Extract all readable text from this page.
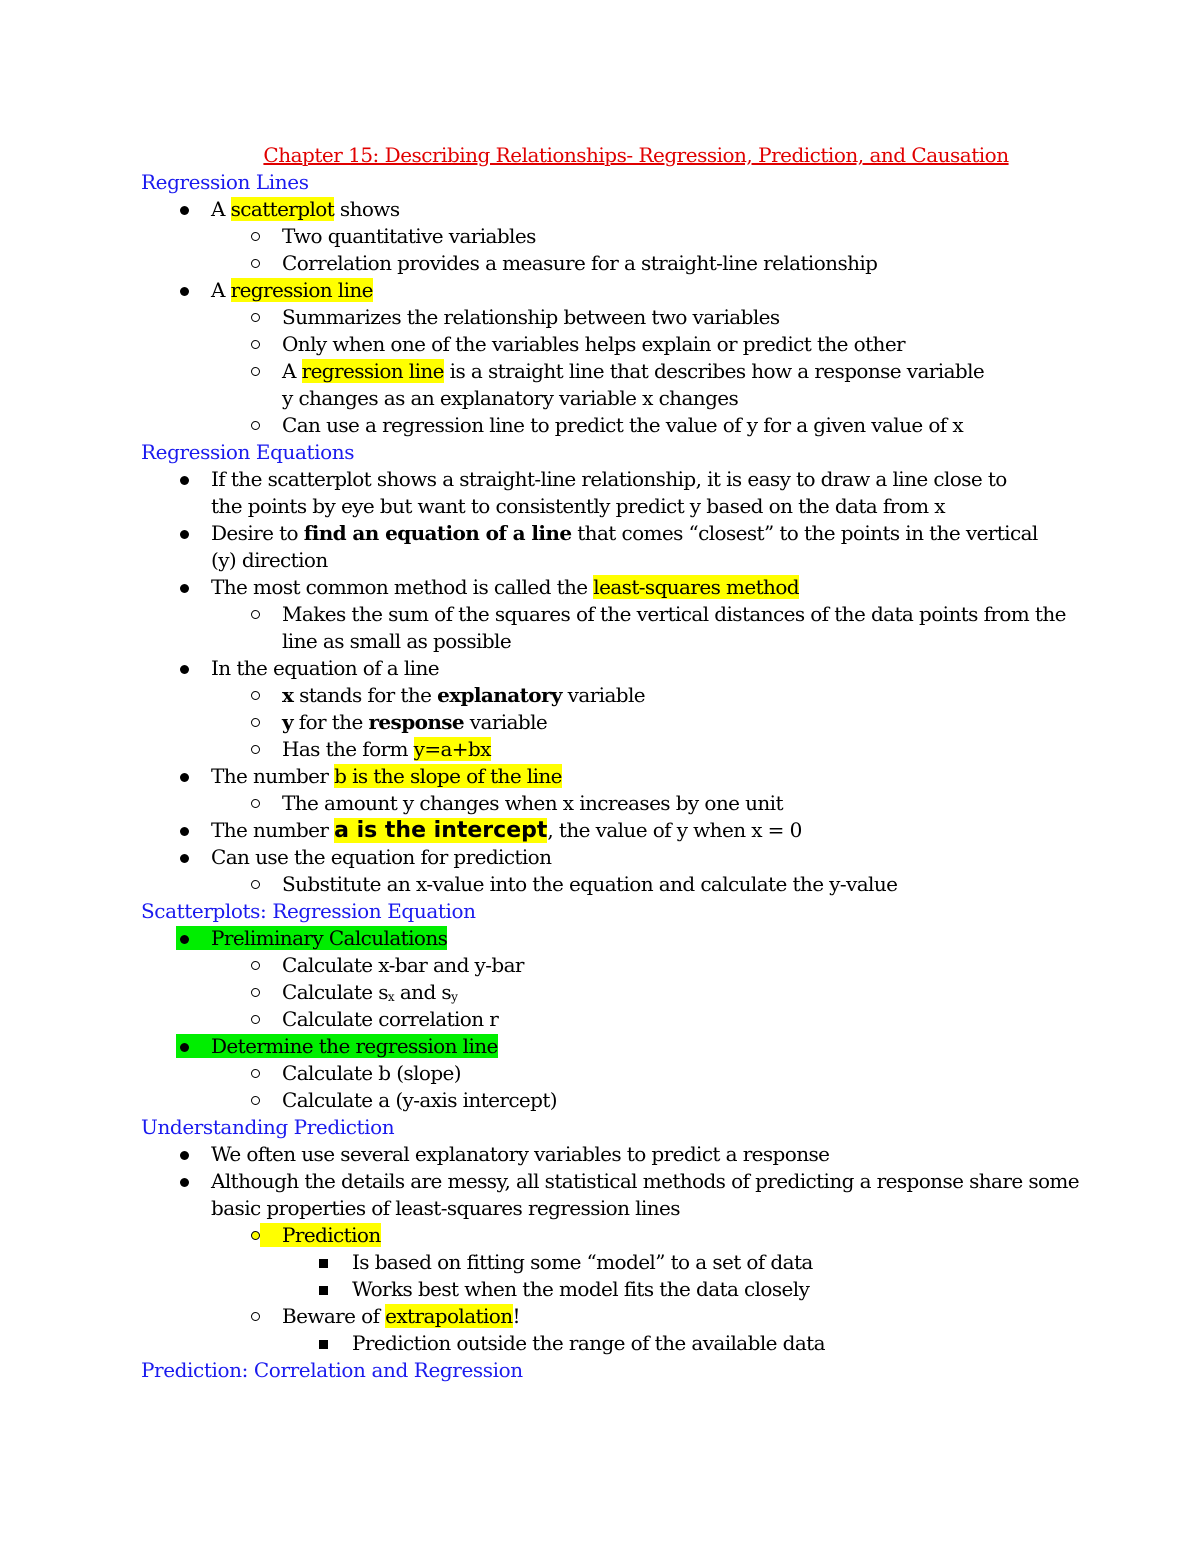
Chapter 15: Describing Relationships- Regression, Prediction, and Causation
Regression Lines
A scatterplot shows
Two quantitative variables
Correlation provides a measure for a straight-line relationship
A regression line
Summarizes the relationship between two variables
Only when one of the variables helps explain or predict the other
A regression line is a straight line that describes how a response variable y changes as an explanatory variable x changes
Can use a regression line to predict the value of y for a given value of x
Regression Equations
If the scatterplot shows a straight-line relationship, it is easy to draw a line close to the points by eye but want to consistently predict y based on the data from x
Desire to find an equation of a line that comes “closest” to the points in the vertical (y) direction
The most common method is called the least-squares method
Makes the sum of the squares of the vertical distances of the data points from the line as small as possible
In the equation of a line
x stands for the explanatory variable
y for the response variable
Has the form y=a+bx
The number b is the slope of the line
The amount y changes when x increases by one unit
The number a is the intercept, the value of y when x = 0
Can use the equation for prediction
Substitute an x-value into the equation and calculate the y-value
Scatterplots: Regression Equation
Preliminary Calculations
Calculate x-bar and y-bar
Calculate $s_x$ and $s_y$
Calculate correlation r
Determine the regression line
Calculate b (slope)
Calculate a (y-axis intercept)
Understanding Prediction
We often use several explanatory variables to predict a response
Although the details are messy, all statistical methods of predicting a response share some basic properties of least-squares regression lines
Prediction
Is based on fitting some “model” to a set of data
Works best when the model fits the data closely
Beware of extrapolation!
Prediction outside the range of the available data
Prediction: Correlation and Regression
